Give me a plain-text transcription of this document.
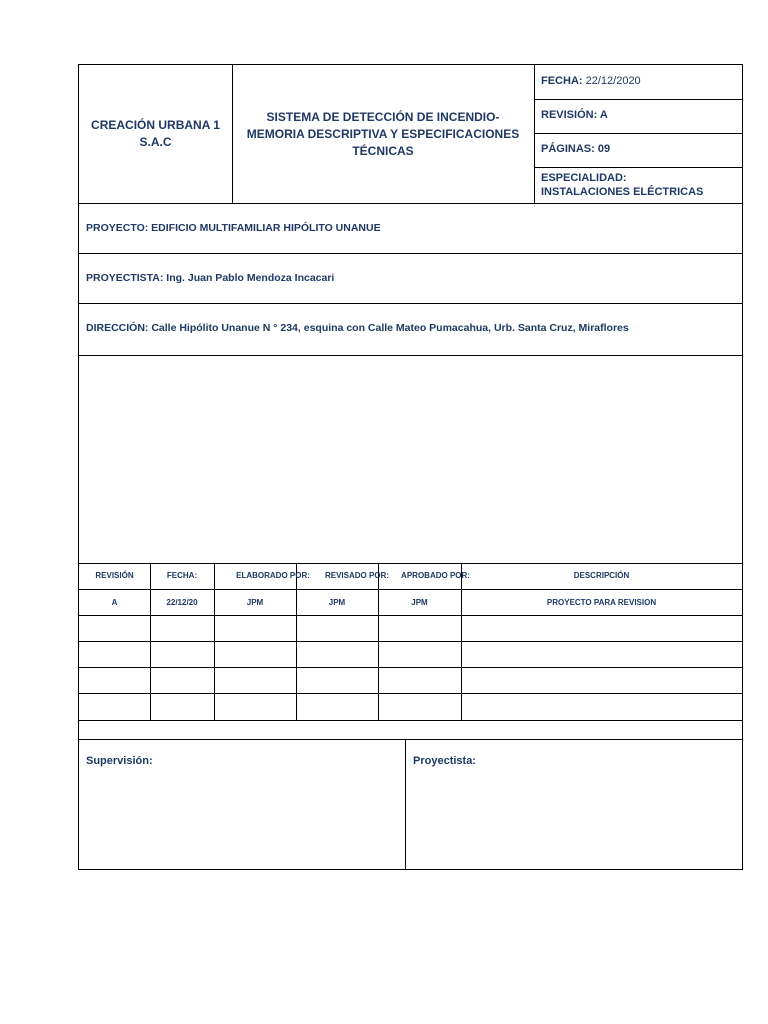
CREACIÓN URBANA 1 S.A.C
SISTEMA DE DETECCIÓN DE INCENDIO- MEMORIA DESCRIPTIVA Y ESPECIFICACIONES TÉCNICAS
FECHA: 22/12/2020
REVISIÓN: A
PÁGINAS: 09
ESPECIALIDAD:
INSTALACIONES ELÉCTRICAS
PROYECTO: EDIFICIO MULTIFAMILIAR HIPÓLITO UNANUE
PROYECTISTA: Ing. Juan Pablo Mendoza Incacari
DIRECCIÓN: Calle Hipólito Unanue N ° 234, esquina con Calle Mateo Pumacahua, Urb. Santa Cruz, Miraflores
REVISIÓN	FECHA:	ELABORADO POR:	REVISADO POR:	APROBADO POR:	DESCRIPCIÓN
A	22/12/20	JPM	JPM	JPM	PROYECTO PARA REVISION
Supervisión:	Proyectista:
